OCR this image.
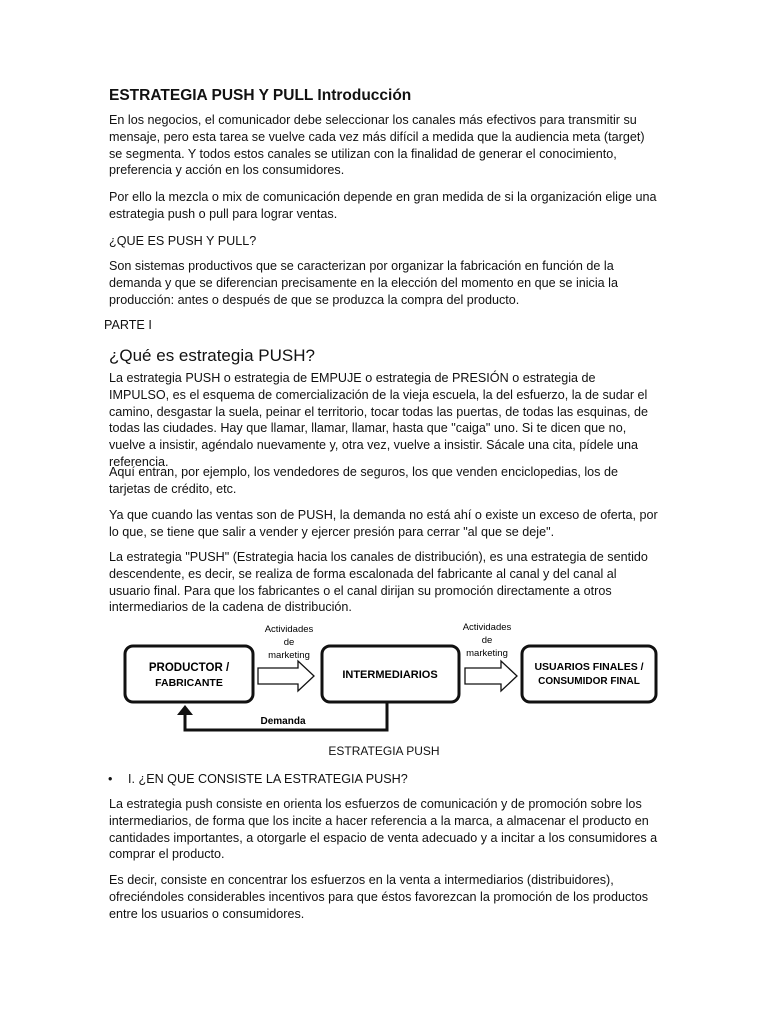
ESTRATEGIA PUSH Y PULL Introducción

En los negocios, el comunicador debe seleccionar los canales más efectivos para transmitir su mensaje, pero esta tarea se vuelve cada vez más difícil a medida que la audiencia meta (target) se segmenta. Y todos estos canales se utilizan con la finalidad de generar el conocimiento, preferencia y acción en los consumidores.

Por ello la mezcla o mix de comunicación depende en gran medida de si la organización elige una estrategia push o pull para lograr ventas.

¿QUE ES PUSH Y PULL?

Son sistemas productivos que se caracterizan por organizar la fabricación en función de la demanda y que se diferencian precisamente en la elección del momento en que se inicia la producción: antes o después de que se produzca la compra del producto.

PARTE I

¿Qué es estrategia PUSH?

La estrategia PUSH o estrategia de EMPUJE o estrategia de PRESIÓN o estrategia de IMPULSO, es el esquema de comercialización de la vieja escuela, la del esfuerzo, la de sudar el camino, desgastar la suela, peinar el territorio, tocar todas las puertas, de todas las esquinas, de todas las ciudades. Hay que llamar, llamar, llamar, hasta que "caiga" uno. Si te dicen que no, vuelve a insistir, agéndalo nuevamente y, otra vez, vuelve a insistir. Sácale una cita, pídele una referencia.

Aquí entran, por ejemplo, los vendedores de seguros, los que venden enciclopedias, los de tarjetas de crédito, etc.

Ya que cuando las ventas son de PUSH, la demanda no está ahí o existe un exceso de oferta, por lo que, se tiene que salir a vender y ejercer presión para cerrar "al que se deje".

La estrategia "PUSH" (Estrategia hacia los canales de distribución), es una estrategia de sentido descendente, es decir, se realiza de forma escalonada del fabricante al canal y del canal al usuario final. Para que los fabricantes o el canal dirijan su promoción directamente a otros intermediarios de la cadena de distribución.

PRODUCTOR /
FABRICANTE
INTERMEDIARIOS
USUARIOS FINALES /
CONSUMIDOR FINAL
Actividades
de
marketing
Actividades
de
marketing
Demanda

ESTRATEGIA PUSH

• I. ¿EN QUE CONSISTE LA ESTRATEGIA PUSH?

La estrategia push consiste en orienta los esfuerzos de comunicación y de promoción sobre los intermediarios, de forma que los incite a hacer referencia a la marca, a almacenar el producto en cantidades importantes, a otorgarle el espacio de venta adecuado y a incitar a los consumidores a comprar el producto.

Es decir, consiste en concentrar los esfuerzos en la venta a intermediarios (distribuidores), ofreciéndoles considerables incentivos para que éstos favorezcan la promoción de los productos entre los usuarios o consumidores.
